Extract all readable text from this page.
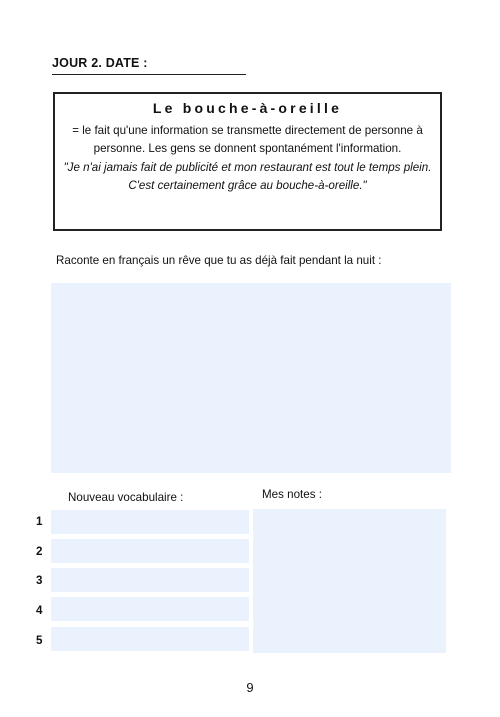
JOUR 2. DATE :
Le bouche-à-oreille
= le fait qu'une information se transmette directement de personne à personne. Les gens se donnent spontanément l'information.
"Je n'ai jamais fait de publicité et mon restaurant est tout le temps plein. C'est certainement grâce au bouche-à-oreille."
Raconte en français un rêve que tu as déjà fait pendant la nuit :
Nouveau vocabulaire :	Mes notes :
1
2
3
4
5
9
